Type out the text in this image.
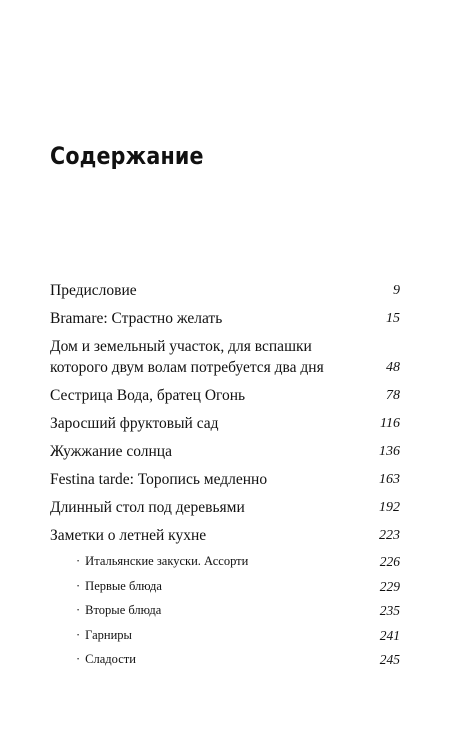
Содержание
Предисловие	9
Bramare: Страстно желать	15
Дом и земельный участок, для вспашки которого двум волам потребуется два дня	48
Сестрица Вода, братец Огонь	78
Заросший фруктовый сад	116
Жужжание солнца	136
Festina tarde: Торопись медленно	163
Длинный стол под деревьями	192
Заметки о летней кухне	223
· Итальянские закуски. Ассорти	226
· Первые блюда	229
· Вторые блюда	235
· Гарниры	241
· Сладости	245
